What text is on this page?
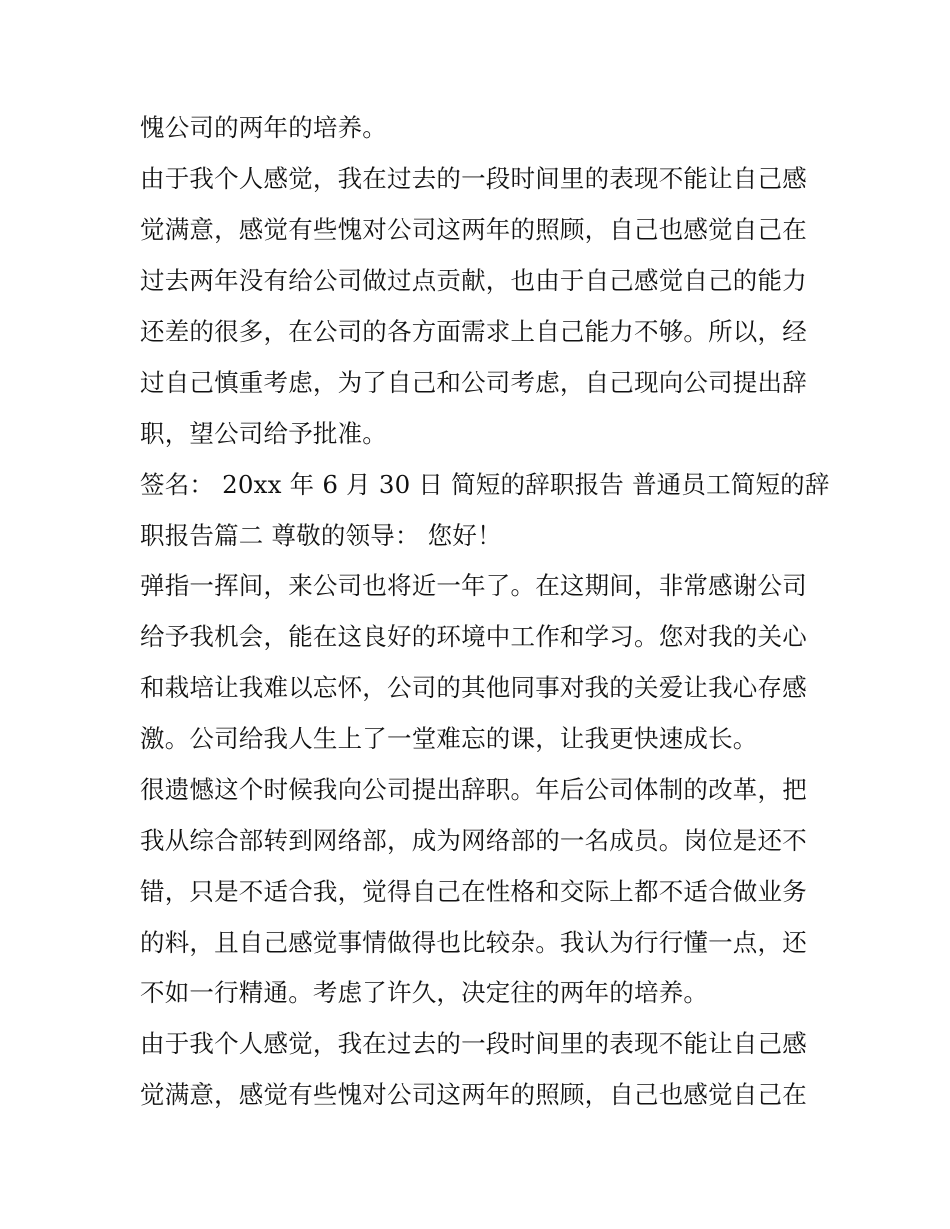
愧公司的两年的培养。
由于我个人感觉，我在过去的一段时间里的表现不能让自己感
觉满意，感觉有些愧对公司这两年的照顾，自己也感觉自己在
过去两年没有给公司做过点贡献，也由于自己感觉自己的能力
还差的很多，在公司的各方面需求上自己能力不够。所以，经
过自己慎重考虑，为了自己和公司考虑，自己现向公司提出辞
职，望公司给予批准。
签名： 20xx 年 6 月 30 日 简短的辞职报告 普通员工简短的辞
职报告篇二 尊敬的领导： 您好！
弹指一挥间，来公司也将近一年了。在这期间，非常感谢公司
给予我机会，能在这良好的环境中工作和学习。您对我的关心
和栽培让我难以忘怀，公司的其他同事对我的关爱让我心存感
激。公司给我人生上了一堂难忘的课，让我更快速成长。
很遗憾这个时候我向公司提出辞职。年后公司体制的改革，把
我从综合部转到网络部，成为网络部的一名成员。岗位是还不
错，只是不适合我，觉得自己在性格和交际上都不适合做业务
的料，且自己感觉事情做得也比较杂。我认为行行懂一点，还
不如一行精通。考虑了许久，决定往的两年的培养。
由于我个人感觉，我在过去的一段时间里的表现不能让自己感
觉满意，感觉有些愧对公司这两年的照顾，自己也感觉自己在
